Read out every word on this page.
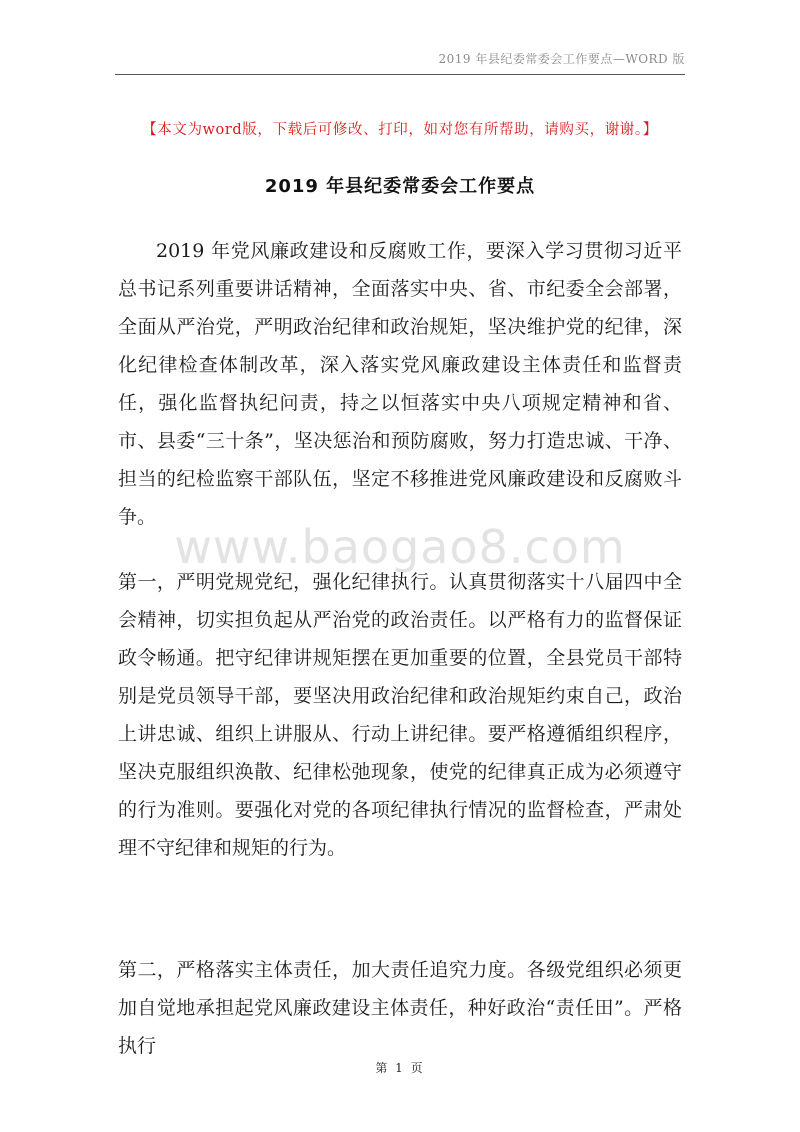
2019 年县纪委常委会工作要点—WORD 版
【本文为word版，下载后可修改、打印，如对您有所帮助，请购买，谢谢。】
2019 年县纪委常委会工作要点

2019 年党风廉政建设和反腐败工作，要深入学习贯彻习近平总书记系列重要讲话精神，全面落实中央、省、市纪委全会部署，全面从严治党，严明政治纪律和政治规矩，坚决维护党的纪律，深化纪律检查体制改革，深入落实党风廉政建设主体责任和监督责任，强化监督执纪问责，持之以恒落实中央八项规定精神和省、市、县委“三十条”，坚决惩治和预防腐败，努力打造忠诚、干净、担当的纪检监察干部队伍，坚定不移推进党风廉政建设和反腐败斗争。

www.baogao8.com

第一，严明党规党纪，强化纪律执行。认真贯彻落实十八届四中全会精神，切实担负起从严治党的政治责任。以严格有力的监督保证政令畅通。把守纪律讲规矩摆在更加重要的位置，全县党员干部特别是党员领导干部，要坚决用政治纪律和政治规矩约束自己，政治上讲忠诚、组织上讲服从、行动上讲纪律。要严格遵循组织程序，坚决克服组织涣散、纪律松弛现象，使党的纪律真正成为必须遵守的行为准则。要强化对党的各项纪律执行情况的监督检查，严肃处理不守纪律和规矩的行为。

第二，严格落实主体责任，加大责任追究力度。各级党组织必须更加自觉地承担起党风廉政建设主体责任，种好政治“责任田”。严格执行

第 1 页
